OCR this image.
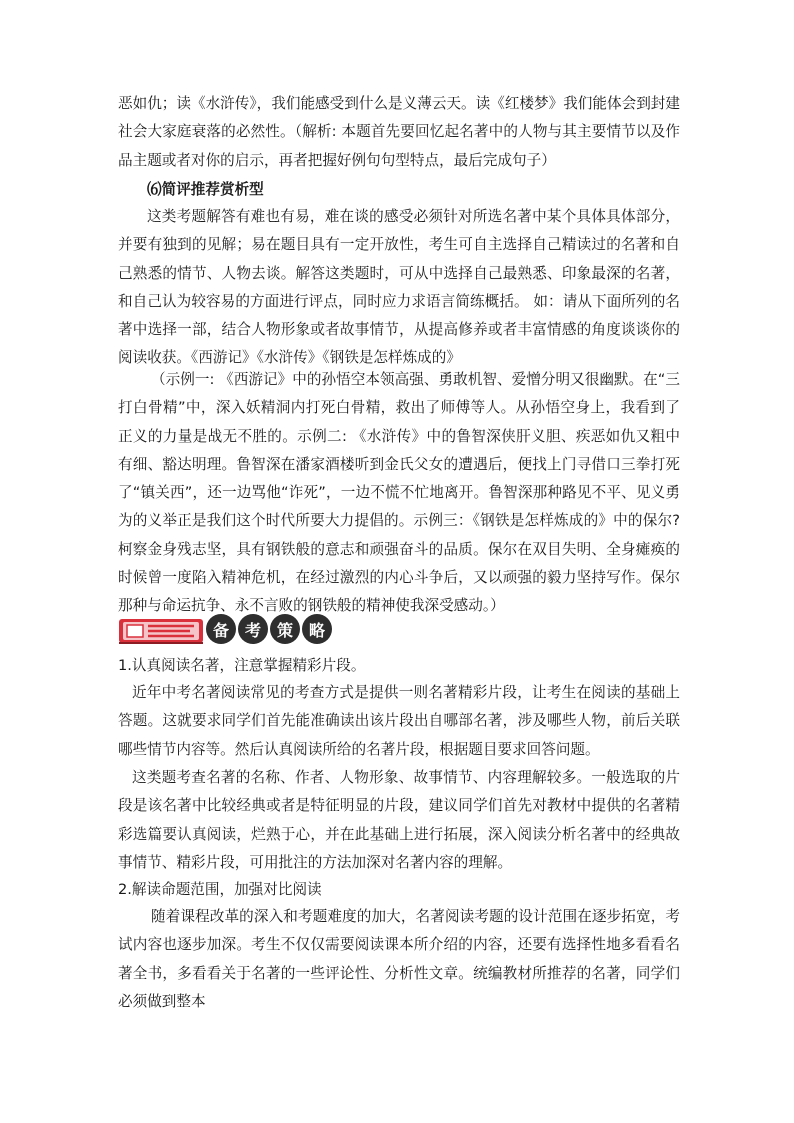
恶如仇；读《水浒传》，我们能感受到什么是义薄云天。读《红楼梦》我们能体会到封建社会大家庭衰落的必然性。（解析: 本题首先要回忆起名著中的人物与其主要情节以及作品主题或者对你的启示，再者把握好例句句型特点，最后完成句子）

⑹简评推荐赏析型

这类考题解答有难也有易，难在谈的感受必须针对所选名著中某个具体具体部分，并要有独到的见解；易在题目具有一定开放性，考生可自主选择自己精读过的名著和自己熟悉的情节、人物去谈。解答这类题时，可从中选择自己最熟悉、印象最深的名著，和自己认为较容易的方面进行评点，同时应力求语言简练概括。 如：请从下面所列的名著中选择一部，结合人物形象或者故事情节，从提高修养或者丰富情感的角度谈谈你的阅读收获。《西游记》《水浒传》《钢铁是怎样炼成的》

（示例一: 《西游记》中的孙悟空本领高强、勇敢机智、爱憎分明又很幽默。在“三打白骨精”中，深入妖精洞内打死白骨精，救出了师傅等人。从孙悟空身上，我看到了正义的力量是战无不胜的。示例二: 《水浒传》中的鲁智深侠肝义胆、疾恶如仇又粗中有细、豁达明理。鲁智深在潘家酒楼听到金氏父女的遭遇后，便找上门寻借口三拳打死了“镇关西”，还一边骂他“诈死”，一边不慌不忙地离开。鲁智深那种路见不平、见义勇为的义举正是我们这个时代所要大力提倡的。示例三：《钢铁是怎样炼成的》中的保尔?柯察金身残志坚，具有钢铁般的意志和顽强奋斗的品质。保尔在双目失明、全身瘫痪的时候曾一度陷入精神危机，在经过激烈的内心斗争后，又以顽强的毅力坚持写作。保尔那种与命运抗争、永不言败的钢铁般的精神使我深受感动。）

备 考 策 略

1.认真阅读名著，注意掌握精彩片段。

近年中考名著阅读常见的考查方式是提供一则名著精彩片段，让考生在阅读的基础上答题。这就要求同学们首先能准确读出该片段出自哪部名著，涉及哪些人物，前后关联哪些情节内容等。然后认真阅读所给的名著片段，根据题目要求回答问题。

这类题考查名著的名称、作者、人物形象、故事情节、内容理解较多。一般选取的片段是该名著中比较经典或者是特征明显的片段，建议同学们首先对教材中提供的名著精彩选篇要认真阅读，烂熟于心，并在此基础上进行拓展，深入阅读分析名著中的经典故事情节、精彩片段，可用批注的方法加深对名著内容的理解。

2.解读命题范围，加强对比阅读

随着课程改革的深入和考题难度的加大，名著阅读考题的设计范围在逐步拓宽，考试内容也逐步加深。考生不仅仅需要阅读课本所介绍的内容，还要有选择性地多看看名著全书，多看看关于名著的一些评论性、分析性文章。统编教材所推荐的名著，同学们必须做到整本
